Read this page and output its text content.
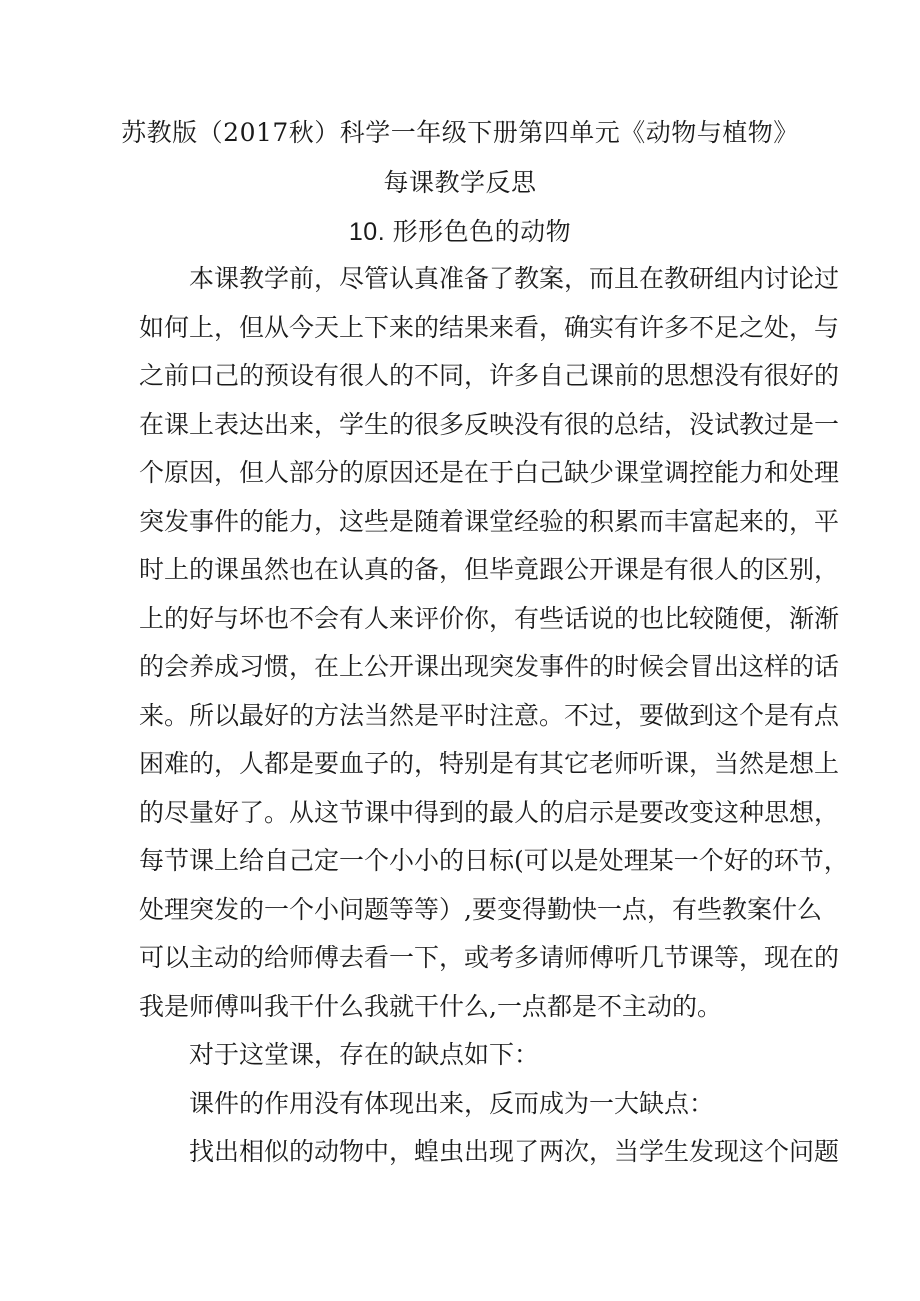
苏教版（2017秋）科学一年级下册第四单元《动物与植物》
每课教学反思
10. 形形色色的动物
本课教学前，尽管认真准备了教案，而且在教研组内讨论过
如何上，但从今天上下来的结果来看，确实有许多不足之处，与
之前口己的预设有很人的不同，许多自己课前的思想没有很好的
在课上表达出来，学生的很多反映没有很的总结，没试教过是一
个原因，但人部分的原因还是在于白己缺少课堂调控能力和处理
突发事件的能力，这些是随着课堂经验的积累而丰富起来的，平
时上的课虽然也在认真的备，但毕竟跟公开课是有很人的区别，
上的好与坏也不会有人来评价你，有些话说的也比较随便，渐渐
的会养成习惯，在上公开课出现突发事件的时候会冒出这样的话
来。所以最好的方法当然是平时注意。不过，要做到这个是有点
困难的，人都是要血子的，特别是有其它老师听课，当然是想上
的尽量好了。从这节课中得到的最人的启示是要改变这种思想，
每节课上给自己定一个小小的日标(可以是处理某一个好的环节，
处理突发的一个小问题等等）,要变得勤快一点，有些教案什么
可以主动的给师傅去看一下，或考多请师傅听几节课等，现在的
我是师傅叫我干什么我就干什么,一点都是不主动的。
对于这堂课，存在的缺点如下：
课件的作用没有体现出来，反而成为一大缺点：
找出相似的动物中，蝗虫出现了两次，当学生发现这个问题
